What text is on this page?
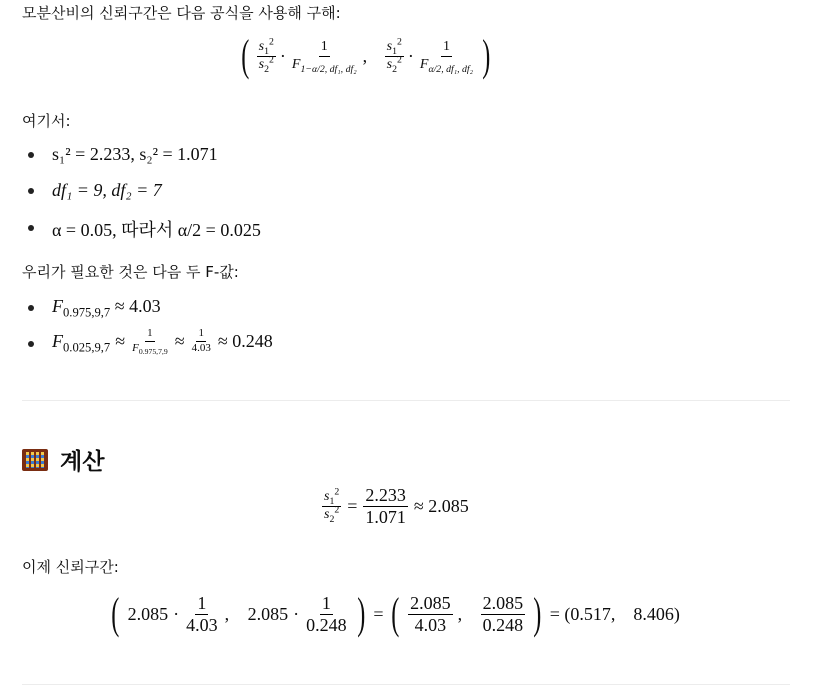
모분산비의 신뢰구간은 다음 공식을 사용해 구해:
( $\frac{s_1^2}{s_2^2} \cdot \frac{1}{F_{1-\alpha/2, df_1, df_2}}$ , $\frac{s_1^2}{s_2^2} \cdot \frac{1}{F_{\alpha/2, df_1, df_2}}$ )
여기서:
s₁² = 2.233, s₂² = 1.071
df₁ = 9, df₂ = 7
α = 0.05, 따라서 α/2 = 0.025
우리가 필요한 것은 다음 두 F-값:
$F_{0.975,9,7} \approx 4.03$
$F_{0.025,9,7} \approx \frac{1}{F_{0.975,7,9}} \approx \frac{1}{4.03} \approx 0.248$
계산
$\frac{s_1^2}{s_2^2} = \frac{2.233}{1.071} \approx 2.085$
이제 신뢰구간:
( $2.085 \cdot \frac{1}{4.03}$ , $2.085 \cdot \frac{1}{0.248}$ ) = ( $\frac{2.085}{4.03}$ , $\frac{2.085}{0.248}$ ) = (0.517,    8.406)
